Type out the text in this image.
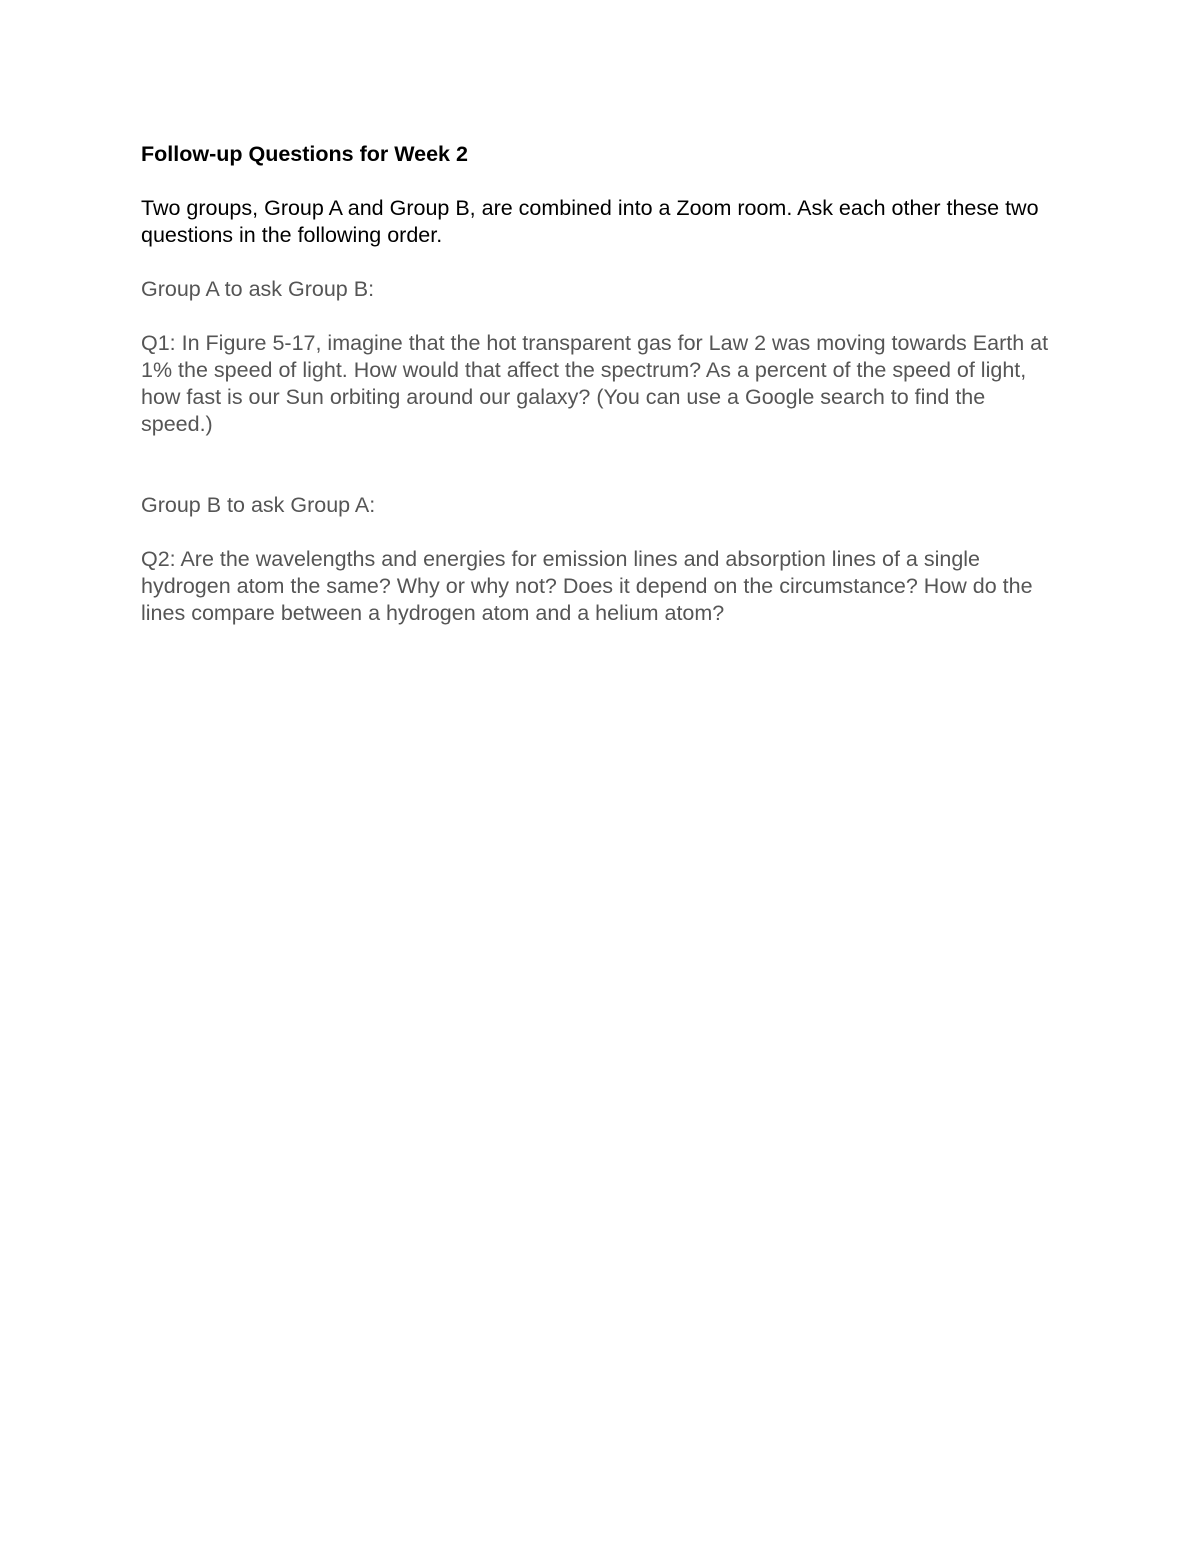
Follow-up Questions for Week 2

Two groups, Group A and Group B, are combined into a Zoom room. Ask each other these two questions in the following order.

Group A to ask Group B:

Q1: In Figure 5-17, imagine that the hot transparent gas for Law 2 was moving towards Earth at 1% the speed of light. How would that affect the spectrum? As a percent of the speed of light, how fast is our Sun orbiting around our galaxy? (You can use a Google search to find the speed.)

Group B to ask Group A:

Q2: Are the wavelengths and energies for emission lines and absorption lines of a single hydrogen atom the same? Why or why not? Does it depend on the circumstance? How do the lines compare between a hydrogen atom and a helium atom?
